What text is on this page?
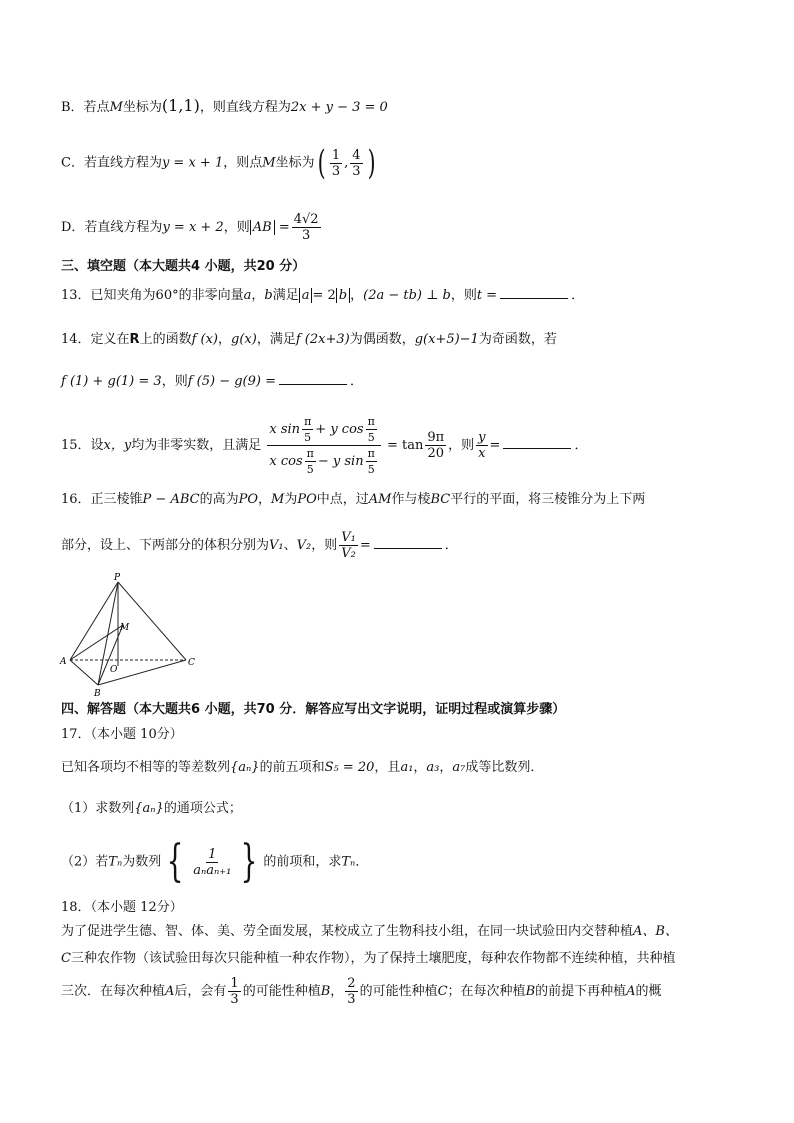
B．若点M坐标为(1,1)，则直线方程为2x + y − 3 = 0
C．若直线方程为y = x + 1，则点M坐标为( $\frac{1}{3}$ , $\frac{4}{3}$ )
D．若直线方程为y = x + 2，则 AB = $\frac{4√2}{3}$
三、填空题（本大题共4 小题，共20 分）
13．已知夹角为60°的非零向量a，b满足 a = 2 b ，(2a − tb) ⊥ b，则t =	．
14．定义在R上的函数f (x)，g(x)，满足f (2x+3)为偶函数，g(x+5)−1为奇函数，若
f (1) + g(1) = 3，则f (5) − g(9) =	．
15．设x，y均为非零实数，且满足 $\frac{x \sin \frac{\pi}{5} + y \cos \frac{\pi}{5}}{x \cos \frac{\pi}{5} - y \sin \frac{\pi}{5}} = \tan \frac{9\pi}{20}$ ，则 $\frac{y}{x}$ =	．
16．正三棱锥P − ABC的高为PO，M为PO中点，过AM作与棱BC平行的平面，将三棱锥分为上下两
部分，设上、下两部分的体积分别为V₁、V₂，则 $\frac{\text{V₁}}{\text{V₂}}$ =	．
P
M
A
O
C
B
四、解答题（本大题共6 小题，共70 分．解答应写出文字说明，证明过程或演算步骤）
17．（本小题 10分）
已知各项均不相等的等差数列{aₙ}的前五项和S₅ = 20，且a₁，a₃，a₇成等比数列．
（1）求数列{aₙ}的通项公式；
（2）若Tₙ为数列 { $\frac{1}{\text{aₙaₙ₊₁}}$ } 的前项和，求Tₙ．
18．（本小题 12分）
为了促进学生德、智、体、美、劳全面发展，某校成立了生物科技小组，在同一块试验田内交替种植A、B、
C三种农作物（该试验田每次只能种植一种农作物），为了保持土壤肥度，每种农作物都不连续种植，共种植
三次．在每次种植A后，会有 $\frac{1}{3}$ 的可能性种植B， $\frac{2}{3}$ 的可能性种植C；在每次种植B的前提下再种植A的概
